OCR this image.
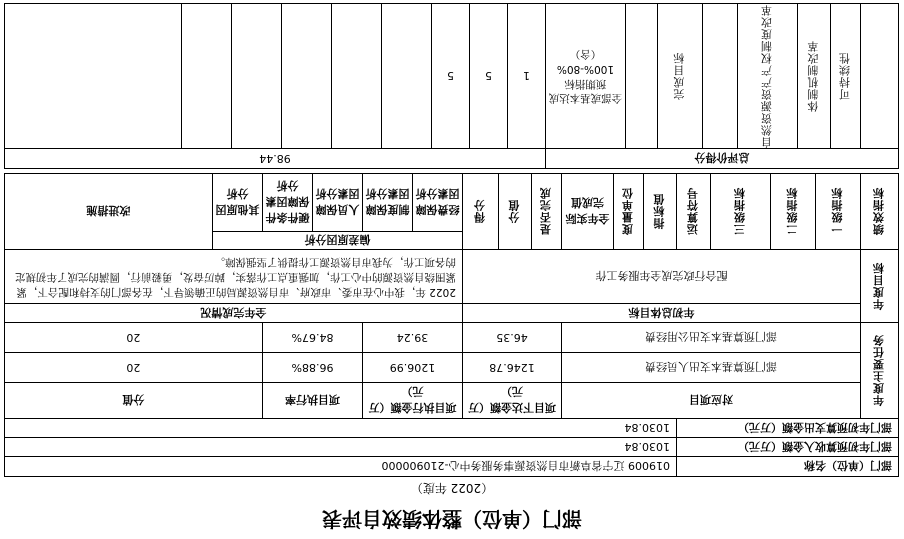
部门（单位）整体绩效自评表
（2022 年度）
部门（单位）名称					019009 辽宁省阜新市自然资源事务服务中心-210900000												
部门年初预算收入金额（万元）					1030.84												
部门年初预算支出金额（万元）					1030.84												

年度主要任务	对应项目							项目下达金额（万元）			项目执行金额（万元）		项目执行率		分值	
	部门预算基本支出人员经费							1246.78			1206.99		96.88%		20	
	部门预算基本支出公用经费							46.35			39.24		84.67%		20	

年度目标	年初总体目标										全年完成情况						
	配合行政完成全年服务工作										2022 年，我中心在市委、市政府、市自然资源局的正确领导下，在各部门的支持和配合下，紧紧围绕自然资源的中心工作，加强重点工作落实，踔厉奋发，勇毅前行，圆满的完成了年初规定的各项工作，为我市自然资源工作提供了坚强保障。						

绩效指标	一级指标	二级指标	三级指标	运算符号	指标值	度量单位	全年实际完成值	是否完成	分值	得分	偏差原因分析					改进措施	
											经费保障因素分析	制度保障因素分析	人员保障因素分析	硬件条件保障因素分析	其他原因分析		
总评价得分								98.44								

	可持续性	体制机制改革	自然资源资产产权制度改革		完成目标		全部或基本达成预期指标100%-80%（含）	1	5	5						
